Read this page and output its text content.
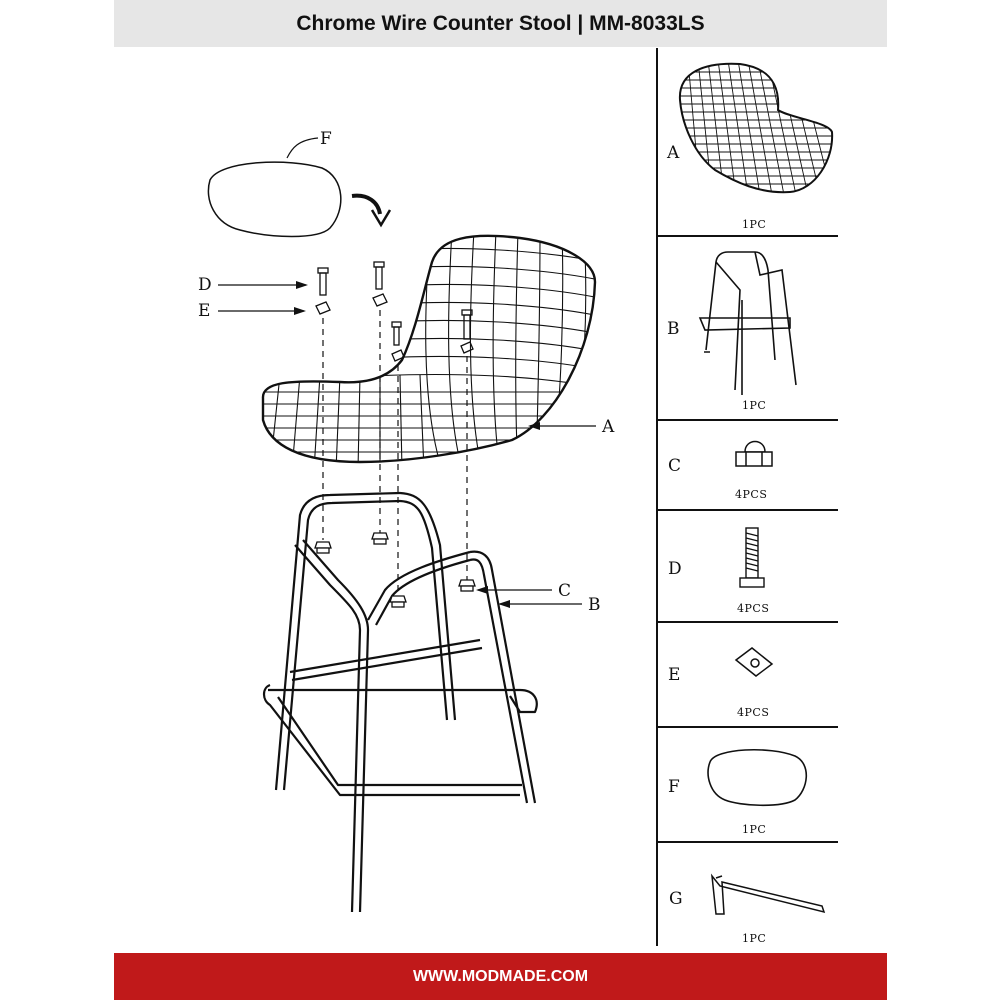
Chrome Wire Counter Stool | MM-8033LS
F
D
E
A
C
B
A
1PC
B
1PC
C
4PCS
D
4PCS
E
4PCS
F
1PC
G
1PC
WWW.MODMADE.COM
